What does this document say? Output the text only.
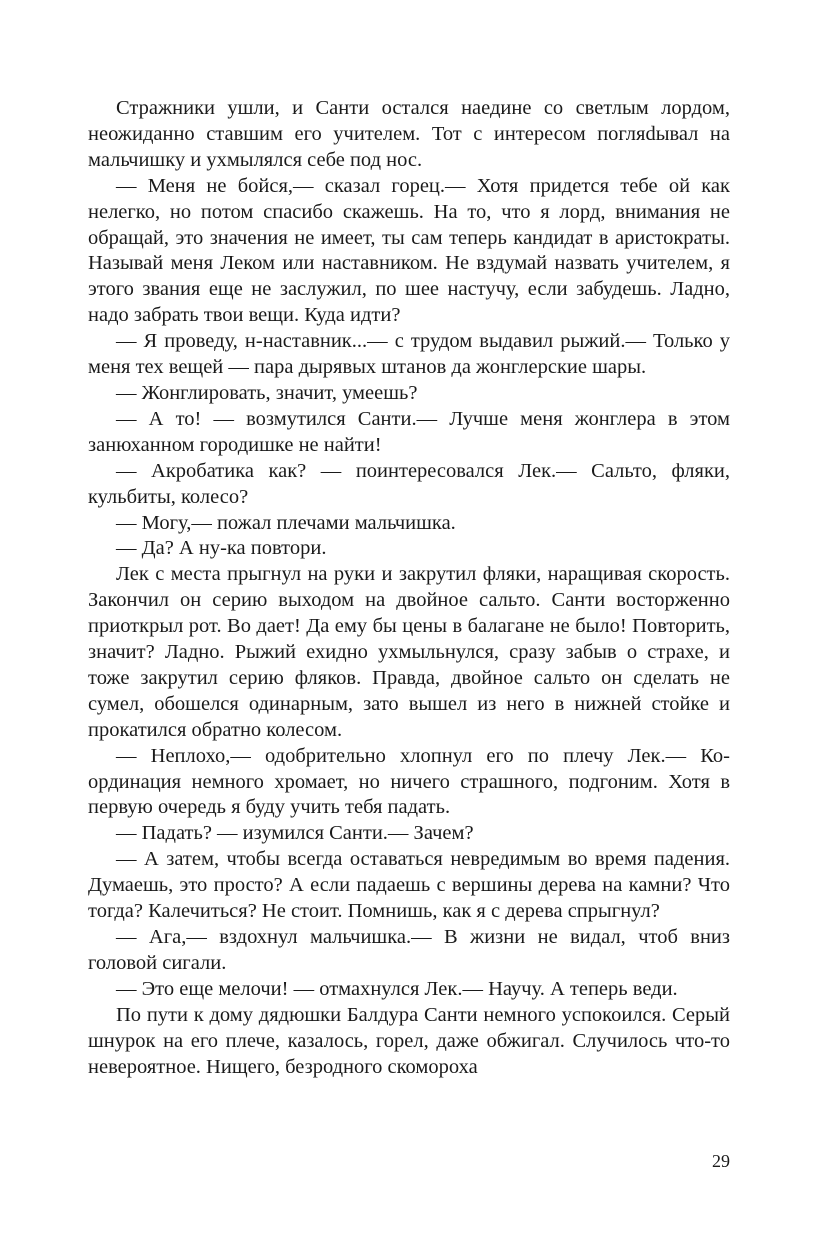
Стражники ушли, и Санти остался наедине со светлым лордом, неожиданно ставшим его учителем. Тот с интересом погляdывал на мальчишку и ухмылялся себе под нос.

— Меня не бойся,— сказал горец.— Хотя придется тебе ой как нелегко, но потом спасибо скажешь. На то, что я лорд, внимания не обращай, это значения не имеет, ты сам теперь кандидат в аристократы. Называй меня Леком или наставником. Не вздумай назвать учителем, я этого звания еще не заслужил, по шее настучу, если забудешь. Ладно, надо забрать твои вещи. Куда идти?

— Я проведу, н-наставник...— с трудом выдавил рыжий.— Только у меня тех вещей — пара дырявых штанов да жонглерские шары.

— Жонглировать, значит, умеешь?

— А то! — возмутился Санти.— Лучше меня жонглера в этом занюханном городишке не найти!

— Акробатика как? — поинтересовался Лек.— Сальто, фляки, кульбиты, колесо?

— Могу,— пожал плечами мальчишка.

— Да? А ну-ка повтори.

Лек с места прыгнул на руки и закрутил фляки, наращивая скорость. Закончил он серию выходом на двойное сальто. Санти восторженно приоткрыл рот. Во дает! Да ему бы цены в балагане не было! Повторить, значит? Ладно. Рыжий ехидно ухмыльнулся, сразу забыв о страхе, и тоже закрутил серию фляков. Правда, двойное сальто он сделать не сумел, обошелся одинарным, зато вышел из него в нижней стойке и прокатился обратно колесом.

— Неплохо,— одобрительно хлопнул его по плечу Лек.— Координация немного хромает, но ничего страшного, подгоним. Хотя в первую очередь я буду учить тебя падать.

— Падать? — изумился Санти.— Зачем?

— А затем, чтобы всегда оставаться невредимым во время падения. Думаешь, это просто? А если падаешь с вершины дерева на камни? Что тогда? Калечиться? Не стоит. Помнишь, как я с дерева спрыгнул?

— Ага,— вздохнул мальчишка.— В жизни не видал, чтоб вниз головой сигали.

— Это еще мелочи! — отмахнулся Лек.— Научу. А теперь веди.

По пути к дому дядюшки Балдура Санти немного успокоился. Серый шнурок на его плече, казалось, горел, даже обжигал. Случилось что-то невероятное. Нищего, безродного скомороха

29
